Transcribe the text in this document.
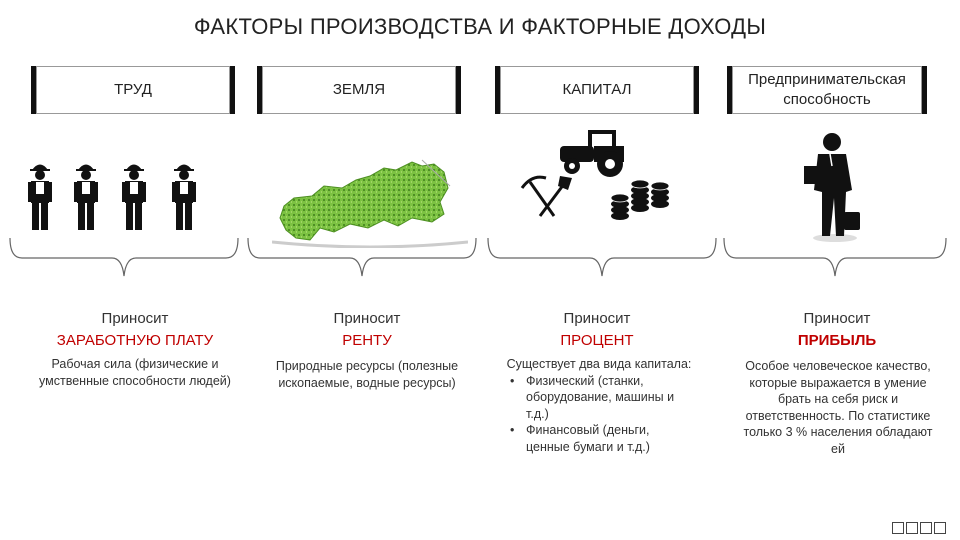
ФАКТОРЫ ПРОИЗВОДСТВА И ФАКТОРНЫЕ ДОХОДЫ
ТРУД	ЗЕМЛЯ	КАПИТАЛ
Предпринимательская способность
Приносит
ЗАРАБОТНУЮ ПЛАТУ
Приносит
РЕНТУ
Приносит
ПРОЦЕНТ
Приносит
ПРИБЫЛЬ
Рабочая сила (физические и умственные способности людей)
Природные ресурсы (полезные ископаемые, водные ресурсы)
Существует два вида капитала:
• Физический (станки, оборудование, машины и т.д.)
• Финансовый (деньги, ценные бумаги и т.д.)
Особое человеческое качество, которые выражается в умение брать на себя риск и ответственность. По статистике только 3 % населения обладают ей
